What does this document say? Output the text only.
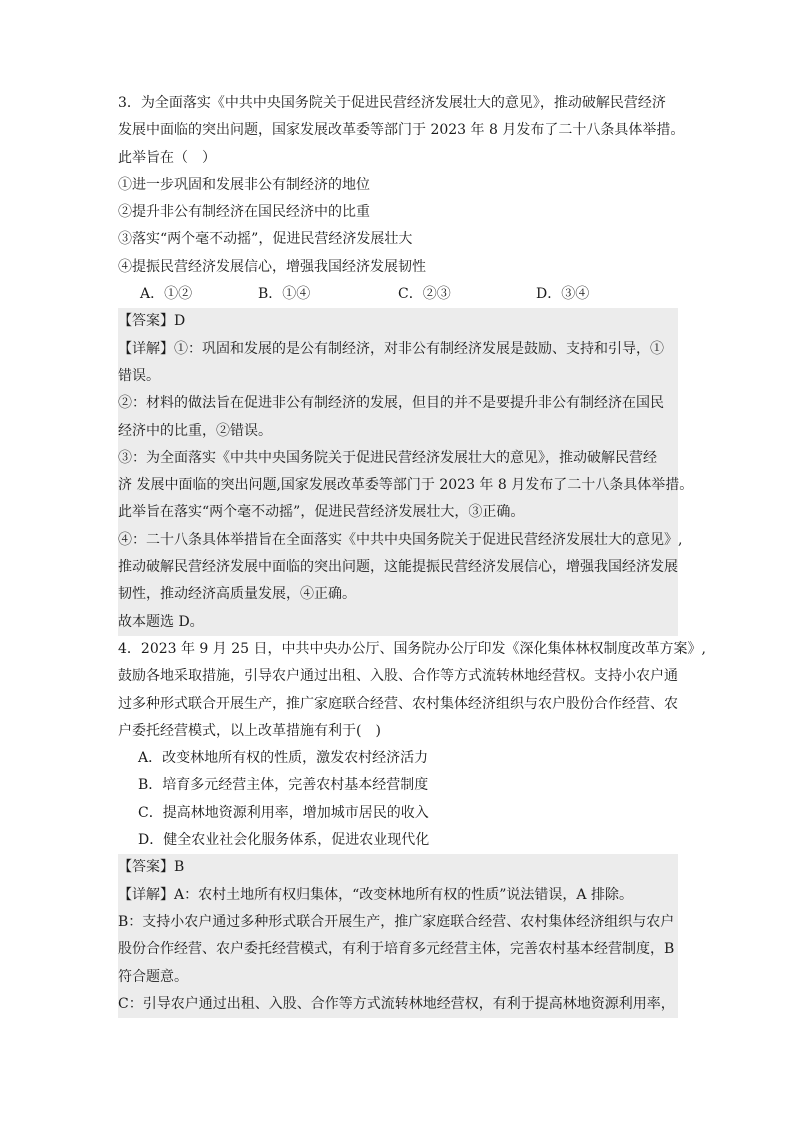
3．为全面落实《中共中央国务院关于促进民营经济发展壮大的意见》，推动破解民营经济
发展中面临的突出问题，国家发展改革委等部门于 2023 年 8 月发布了二十八条具体举措。
此举旨在（　）
①进一步巩固和发展非公有制经济的地位
②提升非公有制经济在国民经济中的比重
③落实“两个毫不动摇”，促进民营经济发展壮大
④提振民营经济发展信心，增强我国经济发展韧性
A．①②	B．①④	C．②③	D．③④
【答案】D
【详解】①：巩固和发展的是公有制经济，对非公有制经济发展是鼓励、支持和引导，①
错误。
②：材料的做法旨在促进非公有制经济的发展，但目的并不是要提升非公有制经济在国民
经济中的比重，②错误。
③：为全面落实《中共中央国务院关于促进民营经济发展壮大的意见》，推动破解民营经
济 发展中面临的突出问题,国家发展改革委等部门于 2023 年 8 月发布了二十八条具体举措。
此举旨在落实“两个毫不动摇”，促进民营经济发展壮大，③正确。
④：二十八条具体举措旨在全面落实《中共中央国务院关于促进民营经济发展壮大的意见》,
推动破解民营经济发展中面临的突出问题，这能提振民营经济发展信心，增强我国经济发展
韧性，推动经济高质量发展，④正确。
故本题选 D。
4．2023 年 9 月 25 日，中共中央办公厅、国务院办公厅印发《深化集体林权制度改革方案》,
鼓励各地采取措施，引导农户通过出租、入股、合作等方式流转林地经营权。支持小农户通
过多种形式联合开展生产，推广家庭联合经营、农村集体经济组织与农户股份合作经营、农
户委托经营模式，以上改革措施有利于(　)
A．改变林地所有权的性质，激发农村经济活力
B．培育多元经营主体，完善农村基本经营制度
C．提高林地资源利用率，增加城市居民的收入
D．健全农业社会化服务体系，促进农业现代化
【答案】B
【详解】A：农村土地所有权归集体，“改变林地所有权的性质”说法错误，A 排除。
B：支持小农户通过多种形式联合开展生产，推广家庭联合经营、农村集体经济组织与农户
股份合作经营、农户委托经营模式，有利于培育多元经营主体，完善农村基本经营制度，B
符合题意。
C：引导农户通过出租、入股、合作等方式流转林地经营权，有利于提高林地资源利用率，
